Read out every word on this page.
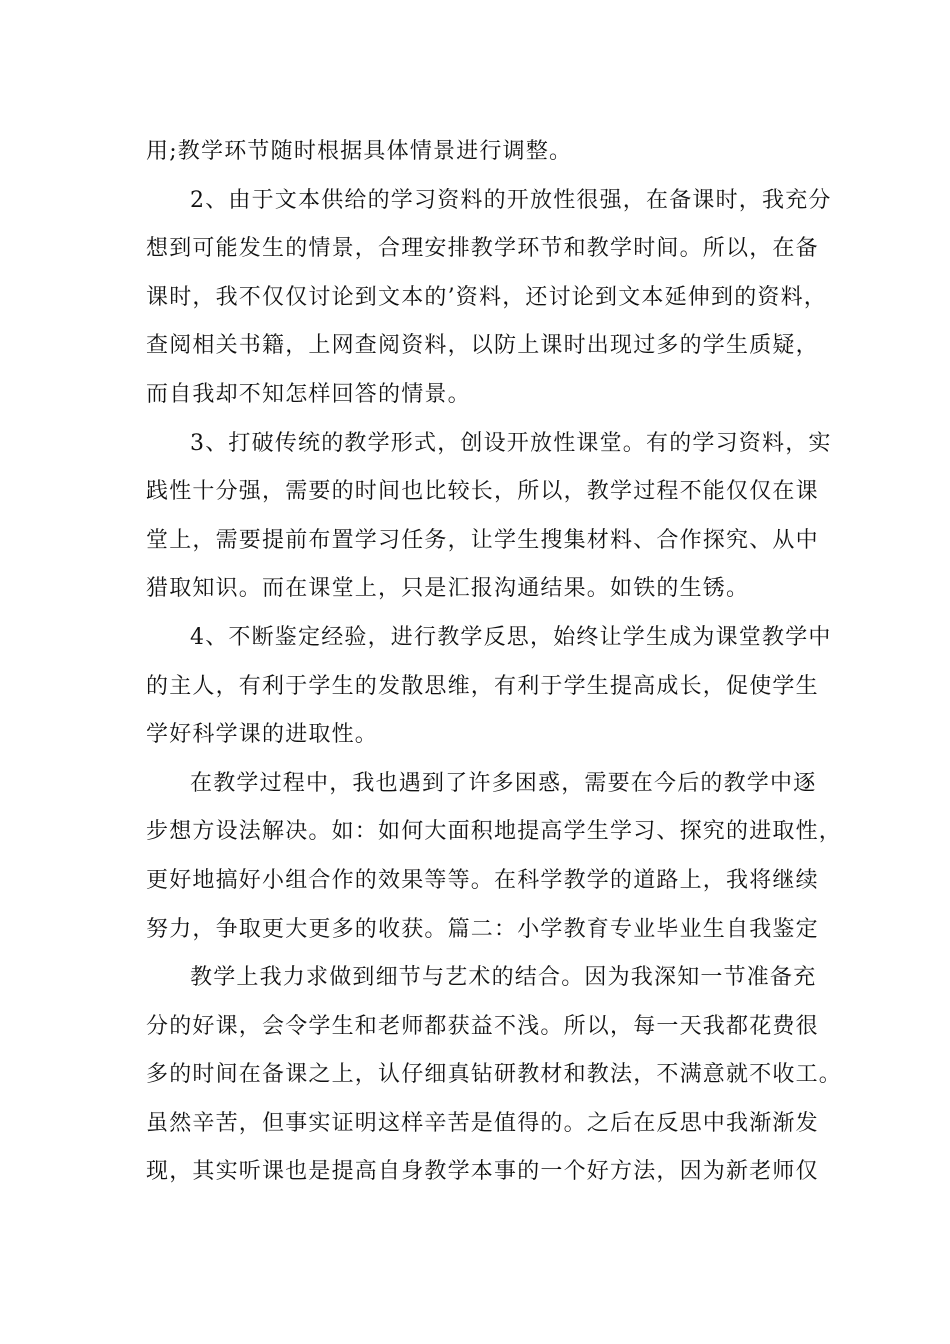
用;教学环节随时根据具体情景进行调整。
2、由于文本供给的学习资料的开放性很强，在备课时，我充分
想到可能发生的情景，合理安排教学环节和教学时间。所以，在备
课时，我不仅仅讨论到文本的’资料，还讨论到文本延伸到的资料，
查阅相关书籍，上网查阅资料，以防上课时出现过多的学生质疑，
而自我却不知怎样回答的情景。
3、打破传统的教学形式，创设开放性课堂。有的学习资料，实
践性十分强，需要的时间也比较长，所以，教学过程不能仅仅在课
堂上，需要提前布置学习任务，让学生搜集材料、合作探究、从中
猎取知识。而在课堂上，只是汇报沟通结果。如铁的生锈。
4、不断鉴定经验，进行教学反思，始终让学生成为课堂教学中
的主人，有利于学生的发散思维，有利于学生提高成长，促使学生
学好科学课的进取性。
在教学过程中，我也遇到了许多困惑，需要在今后的教学中逐
步想方设法解决。如：如何大面积地提高学生学习、探究的进取性，
更好地搞好小组合作的效果等等。在科学教学的道路上，我将继续
努力，争取更大更多的收获。篇二：小学教育专业毕业生自我鉴定
教学上我力求做到细节与艺术的结合。因为我深知一节准备充
分的好课，会令学生和老师都获益不浅。所以，每一天我都花费很
多的时间在备课之上，认仔细真钻研教材和教法，不满意就不收工。
虽然辛苦，但事实证明这样辛苦是值得的。之后在反思中我渐渐发
现，其实听课也是提高自身教学本事的一个好方法，因为新老师仅
